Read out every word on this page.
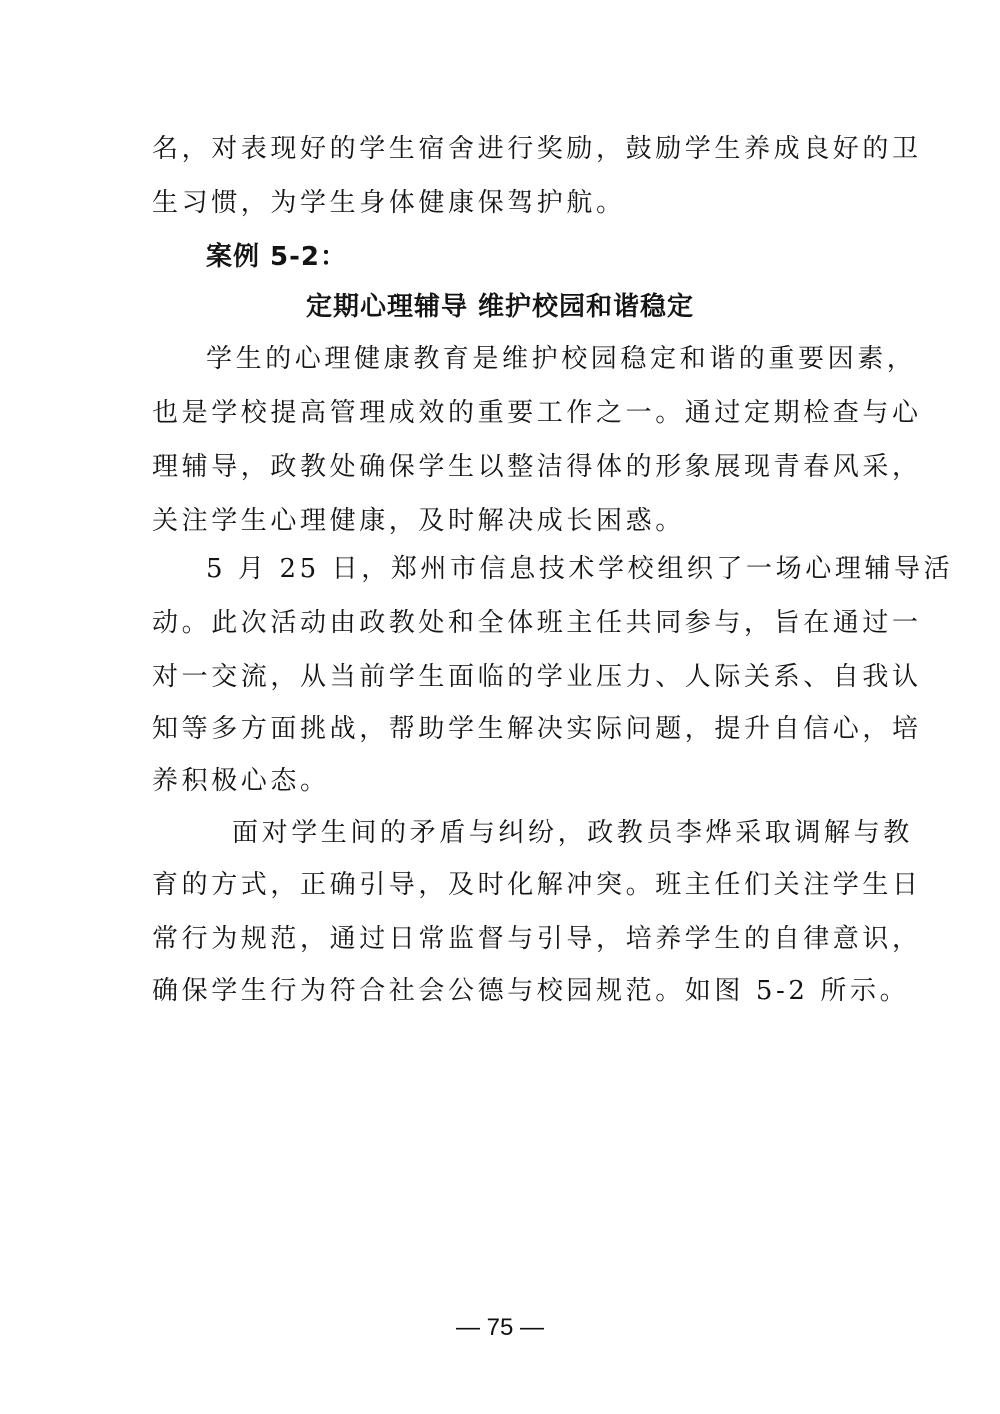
名，对表现好的学生宿舍进行奖励，鼓励学生养成良好的卫
生习惯，为学生身体健康保驾护航。
案例 5-2：
定期心理辅导 维护校园和谐稳定
学生的心理健康教育是维护校园稳定和谐的重要因素，
也是学校提高管理成效的重要工作之一。通过定期检查与心
理辅导，政教处确保学生以整洁得体的形象展现青春风采，
关注学生心理健康，及时解决成长困惑。
5 月 25 日，郑州市信息技术学校组织了一场心理辅导活
动。此次活动由政教处和全体班主任共同参与，旨在通过一
对一交流，从当前学生面临的学业压力、人际关系、自我认
知等多方面挑战，帮助学生解决实际问题，提升自信心，培
养积极心态。
面对学生间的矛盾与纠纷，政教员李烨采取调解与教
育的方式，正确引导，及时化解冲突。班主任们关注学生日
常行为规范，通过日常监督与引导，培养学生的自律意识，
确保学生行为符合社会公德与校园规范。如图 5-2 所示。
— 75 —
